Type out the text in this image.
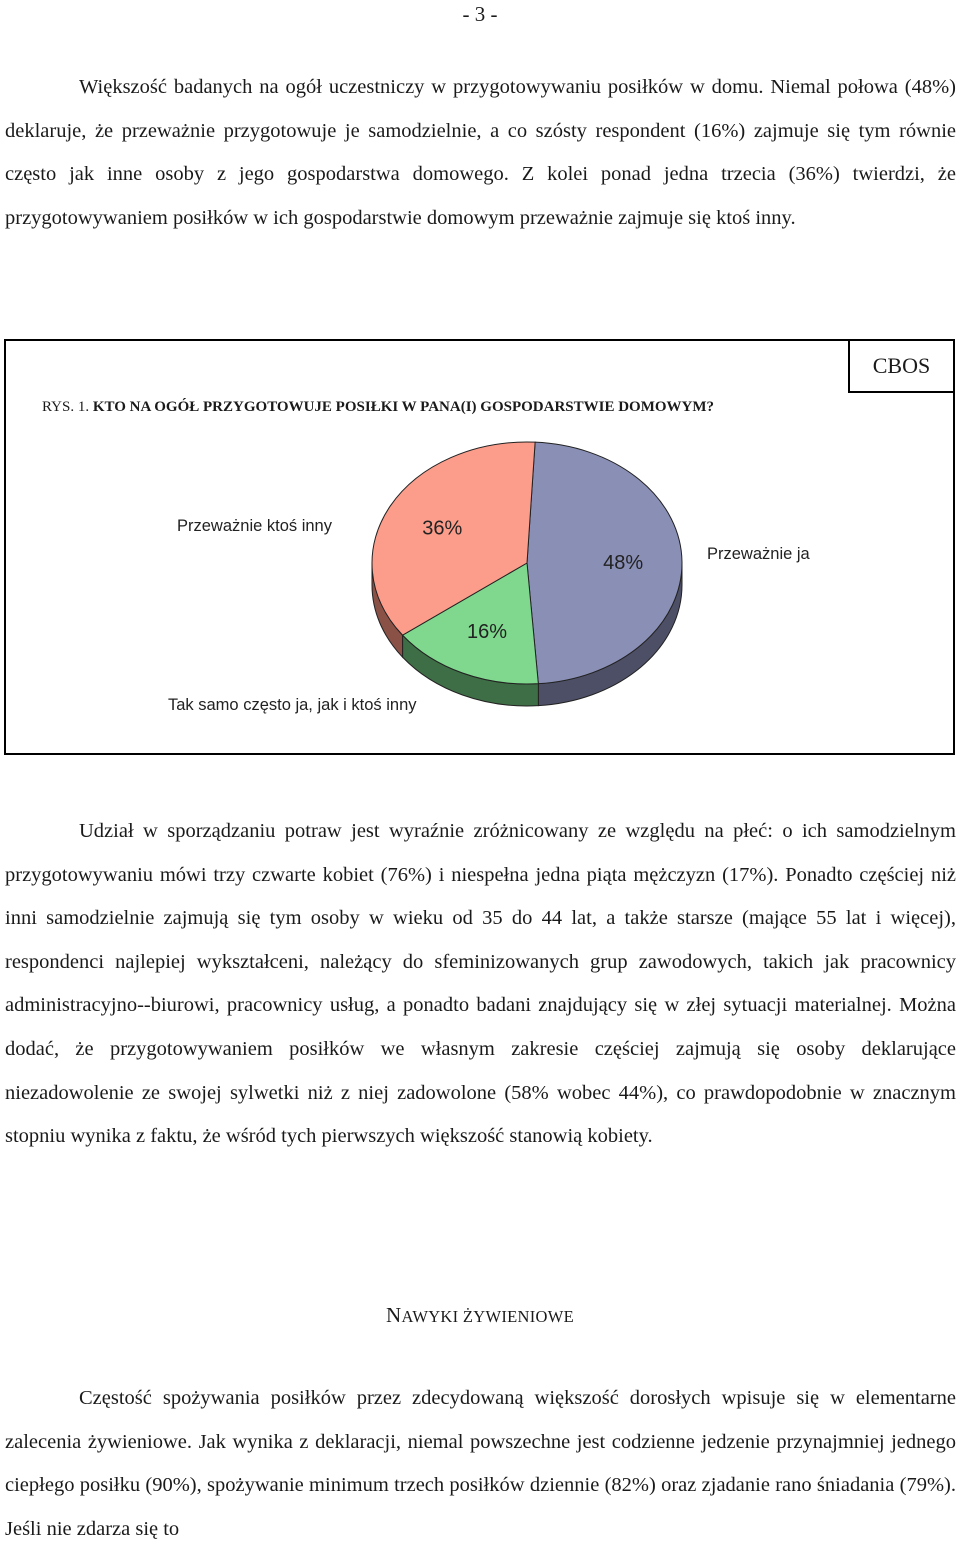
- 3 -

Większość badanych na ogół uczestniczy w przygotowywaniu posiłków w domu. Niemal połowa (48%) deklaruje, że przeważnie przygotowuje je samodzielnie, a co szósty respondent (16%) zajmuje się tym równie często jak inne osoby z jego gospodarstwa domowego. Z kolei ponad jedna trzecia (36%) twierdzi, że przygotowywaniem posiłków w ich gospodarstwie domowym przeważnie zajmuje się ktoś inny.

CBOS
RYS. 1. KTO NA OGÓŁ PRZYGOTOWUJE POSIŁKI W PANA(I) GOSPODARSTWIE DOMOWYM?
48%
16%
36%
Przeważnie ja
Tak samo często ja, jak i ktoś inny
Przeważnie ktoś inny

Udział w sporządzaniu potraw jest wyraźnie zróżnicowany ze względu na płeć: o ich samodzielnym przygotowywaniu mówi trzy czwarte kobiet (76%) i niespełna jedna piąta mężczyzn (17%). Ponadto częściej niż inni samodzielnie zajmują się tym osoby w wieku od 35 do 44 lat, a także starsze (mające 55 lat i więcej), respondenci najlepiej wykształceni, należący do sfeminizowanych grup zawodowych, takich jak pracownicy administracyjno--biurowi, pracownicy usług, a ponadto badani znajdujący się w złej sytuacji materialnej. Można dodać, że przygotowywaniem posiłków we własnym zakresie częściej zajmują się osoby deklarujące niezadowolenie ze swojej sylwetki niż z niej zadowolone (58% wobec 44%), co prawdopodobnie w znacznym stopniu wynika z faktu, że wśród tych pierwszych większość stanowią kobiety.

NAWYKI ŻYWIENIOWE

Częstość spożywania posiłków przez zdecydowaną większość dorosłych wpisuje się w elementarne zalecenia żywieniowe. Jak wynika z deklaracji, niemal powszechne jest codzienne jedzenie przynajmniej jednego ciepłego posiłku (90%), spożywanie minimum trzech posiłków dziennie (82%) oraz zjadanie rano śniadania (79%). Jeśli nie zdarza się to
